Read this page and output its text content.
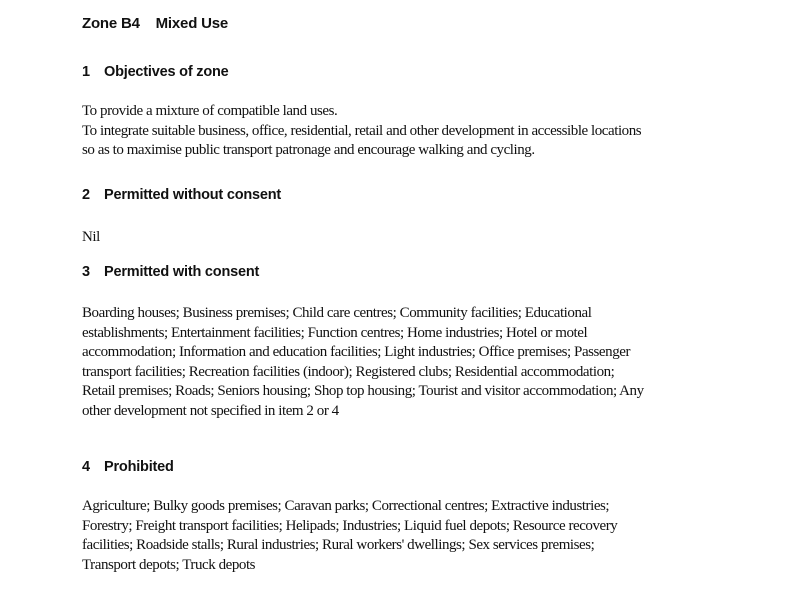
Zone B4    Mixed Use
1 Objectives of zone
To provide a mixture of compatible land uses.
To integrate suitable business, office, residential, retail and other development in accessible locations
so as to maximise public transport patronage and encourage walking and cycling.
2 Permitted without consent
Nil
3 Permitted with consent
Boarding houses; Business premises; Child care centres; Community facilities; Educational
establishments; Entertainment facilities; Function centres; Home industries; Hotel or motel
accommodation; Information and education facilities; Light industries; Office premises; Passenger
transport facilities; Recreation facilities (indoor); Registered clubs; Residential accommodation;
Retail premises; Roads; Seniors housing; Shop top housing; Tourist and visitor accommodation; Any
other development not specified in item 2 or 4
4 Prohibited
Agriculture; Bulky goods premises; Caravan parks; Correctional centres; Extractive industries;
Forestry; Freight transport facilities; Helipads; Industries; Liquid fuel depots; Resource recovery
facilities; Roadside stalls; Rural industries; Rural workers' dwellings; Sex services premises;
Transport depots; Truck depots
